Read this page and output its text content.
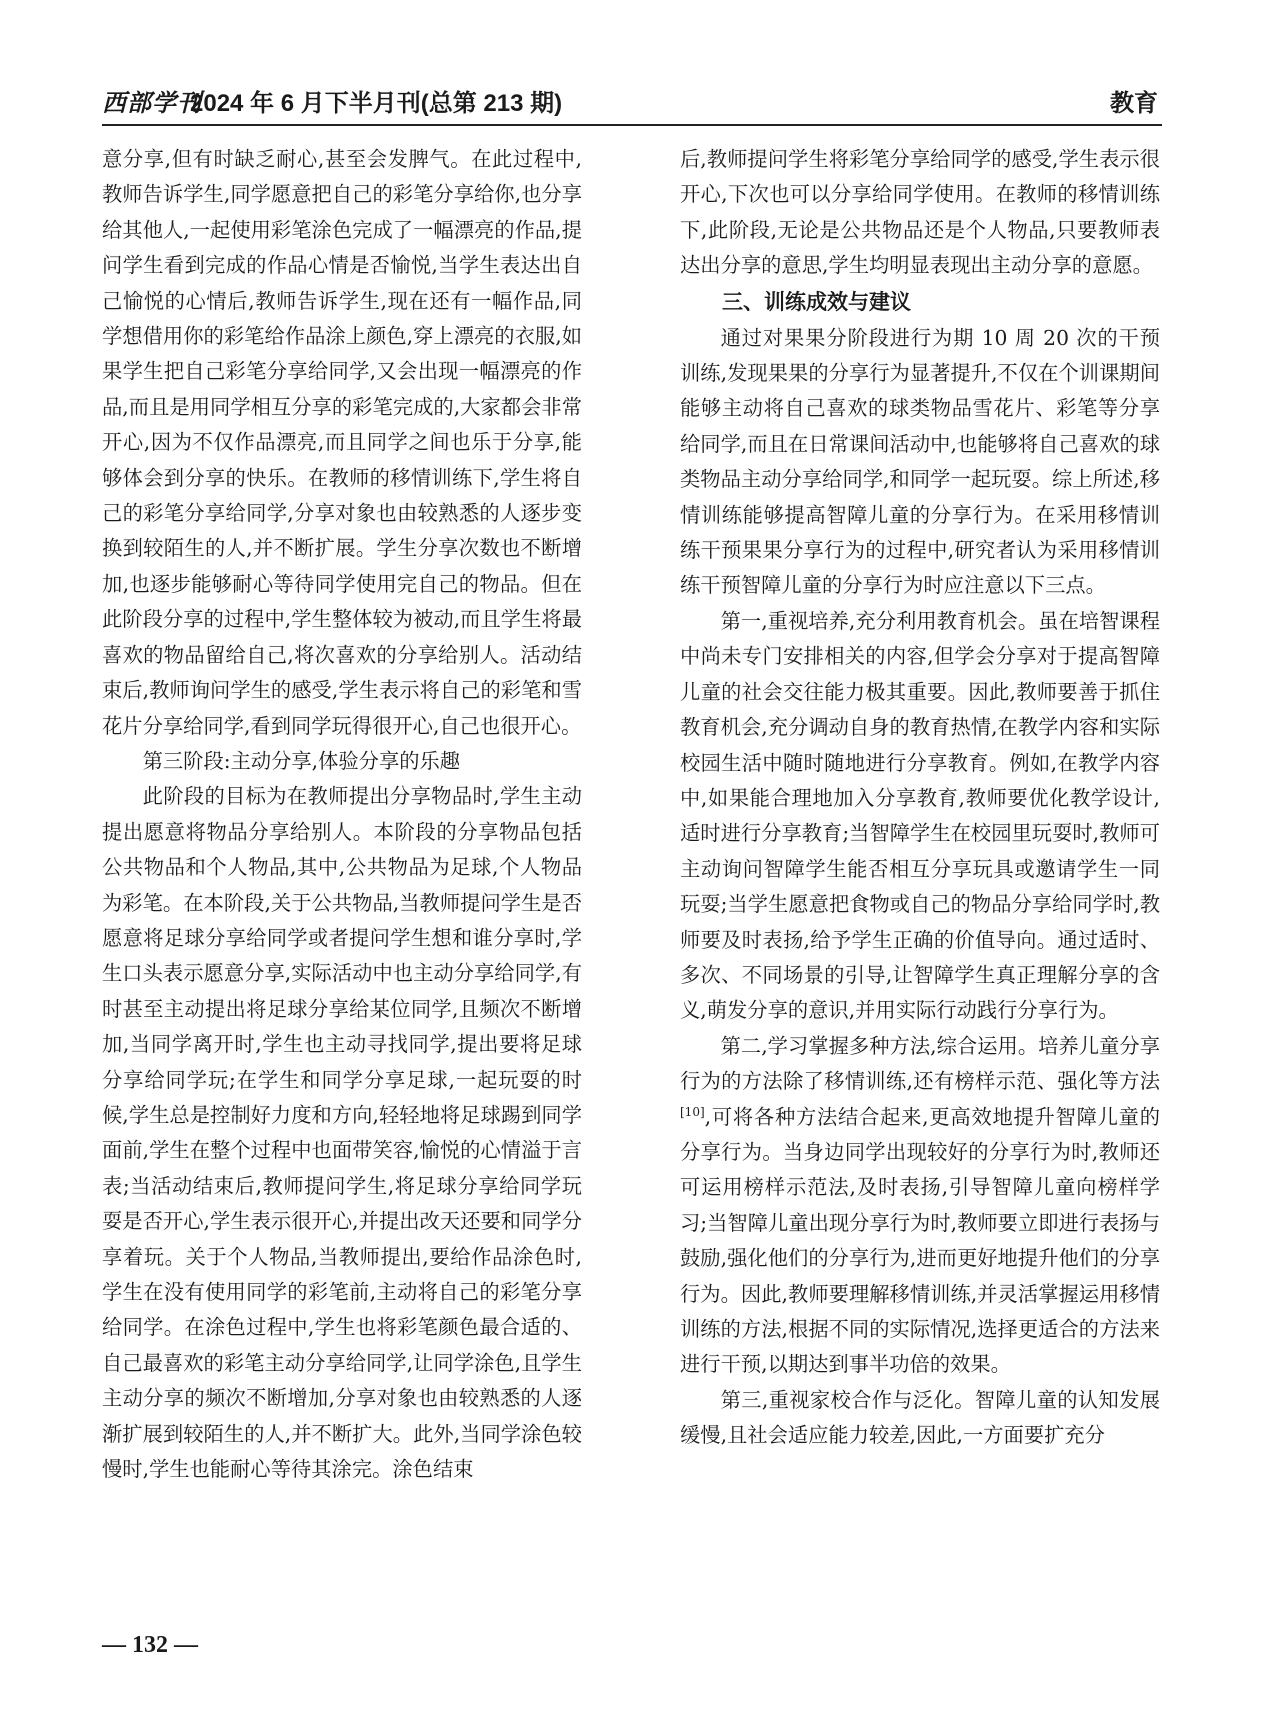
西部学刊
2024 年 6 月下半月刊(总第 213 期)	教育

意分享,但有时缺乏耐心,甚至会发脾气。在此过程中,教师告诉学生,同学愿意把自己的彩笔分享给你,也分享给其他人,一起使用彩笔涂色完成了一幅漂亮的作品,提问学生看到完成的作品心情是否愉悦,当学生表达出自己愉悦的心情后,教师告诉学生,现在还有一幅作品,同学想借用你的彩笔给作品涂上颜色,穿上漂亮的衣服,如果学生把自己彩笔分享给同学,又会出现一幅漂亮的作品,而且是用同学相互分享的彩笔完成的,大家都会非常开心,因为不仅作品漂亮,而且同学之间也乐于分享,能够体会到分享的快乐。在教师的移情训练下,学生将自己的彩笔分享给同学,分享对象也由较熟悉的人逐步变换到较陌生的人,并不断扩展。学生分享次数也不断增加,也逐步能够耐心等待同学使用完自己的物品。但在此阶段分享的过程中,学生整体较为被动,而且学生将最喜欢的物品留给自己,将次喜欢的分享给别人。活动结束后,教师询问学生的感受,学生表示将自己的彩笔和雪花片分享给同学,看到同学玩得很开心,自己也很开心。

第三阶段:主动分享,体验分享的乐趣

此阶段的目标为在教师提出分享物品时,学生主动提出愿意将物品分享给别人。本阶段的分享物品包括公共物品和个人物品,其中,公共物品为足球,个人物品为彩笔。在本阶段,关于公共物品,当教师提问学生是否愿意将足球分享给同学或者提问学生想和谁分享时,学生口头表示愿意分享,实际活动中也主动分享给同学,有时甚至主动提出将足球分享给某位同学,且频次不断增加,当同学离开时,学生也主动寻找同学,提出要将足球分享给同学玩;在学生和同学分享足球,一起玩耍的时候,学生总是控制好力度和方向,轻轻地将足球踢到同学面前,学生在整个过程中也面带笑容,愉悦的心情溢于言表;当活动结束后,教师提问学生,将足球分享给同学玩耍是否开心,学生表示很开心,并提出改天还要和同学分享着玩。关于个人物品,当教师提出,要给作品涂色时,学生在没有使用同学的彩笔前,主动将自己的彩笔分享给同学。在涂色过程中,学生也将彩笔颜色最合适的、自己最喜欢的彩笔主动分享给同学,让同学涂色,且学生主动分享的频次不断增加,分享对象也由较熟悉的人逐渐扩展到较陌生的人,并不断扩大。此外,当同学涂色较慢时,学生也能耐心等待其涂完。涂色结束

后,教师提问学生将彩笔分享给同学的感受,学生表示很开心,下次也可以分享给同学使用。在教师的移情训练下,此阶段,无论是公共物品还是个人物品,只要教师表达出分享的意思,学生均明显表现出主动分享的意愿。

三、训练成效与建议

通过对果果分阶段进行为期 10 周 20 次的干预训练,发现果果的分享行为显著提升,不仅在个训课期间能够主动将自己喜欢的球类物品雪花片、彩笔等分享给同学,而且在日常课间活动中,也能够将自己喜欢的球类物品主动分享给同学,和同学一起玩耍。综上所述,移情训练能够提高智障儿童的分享行为。在采用移情训练干预果果分享行为的过程中,研究者认为采用移情训练干预智障儿童的分享行为时应注意以下三点。

第一,重视培养,充分利用教育机会。虽在培智课程中尚未专门安排相关的内容,但学会分享对于提高智障儿童的社会交往能力极其重要。因此,教师要善于抓住教育机会,充分调动自身的教育热情,在教学内容和实际校园生活中随时随地进行分享教育。例如,在教学内容中,如果能合理地加入分享教育,教师要优化教学设计,适时进行分享教育;当智障学生在校园里玩耍时,教师可主动询问智障学生能否相互分享玩具或邀请学生一同玩耍;当学生愿意把食物或自己的物品分享给同学时,教师要及时表扬,给予学生正确的价值导向。通过适时、多次、不同场景的引导,让智障学生真正理解分享的含义,萌发分享的意识,并用实际行动践行分享行为。

第二,学习掌握多种方法,综合运用。培养儿童分享行为的方法除了移情训练,还有榜样示范、强化等方法[10],可将各种方法结合起来,更高效地提升智障儿童的分享行为。当身边同学出现较好的分享行为时,教师还可运用榜样示范法,及时表扬,引导智障儿童向榜样学习;当智障儿童出现分享行为时,教师要立即进行表扬与鼓励,强化他们的分享行为,进而更好地提升他们的分享行为。因此,教师要理解移情训练,并灵活掌握运用移情训练的方法,根据不同的实际情况,选择更适合的方法来进行干预,以期达到事半功倍的效果。

第三,重视家校合作与泛化。智障儿童的认知发展缓慢,且社会适应能力较差,因此,一方面要扩充分

— 132 —
